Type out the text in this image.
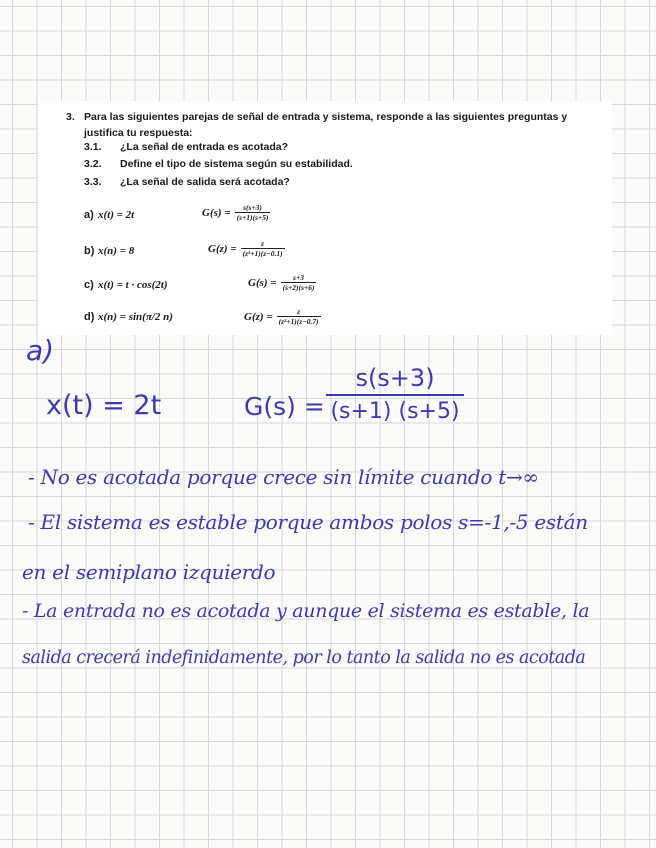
3. Para las siguientes parejas de señal de entrada y sistema, responde a las siguientes preguntas y justifica tu respuesta:
3.1. ¿La señal de entrada es acotada?
3.2. Define el tipo de sistema según su estabilidad.
3.3. ¿La señal de salida será acotada?
a) x(t) = 2t	$G(s) = \frac{s(s+3)}{(s+1)(s+5)}$
b) x(n) = 8	$G(z) = \frac{z}{\text{(z²+1)(z−0.1)}}$
c) x(t) = t · cos(2t)	$G(s) = \frac{s+3}{(s+2)(s+6)}$
d) x(n) = sin(π/2 n)	$G(z) = \frac{z}{\text{(z²+1)(z−0.7)}}$
a)
x(t) = 2t	G(s) =
s(s+3)
(s+1) (s+5)
- No es acotada porque crece sin límite cuando t→∞
- El sistema es estable porque ambos polos s=-1,-5 están
en el semiplano izquierdo
- La entrada no es acotada y aunque el sistema es estable, la
salida crecerá indefinidamente, por lo tanto la salida no es acotada
